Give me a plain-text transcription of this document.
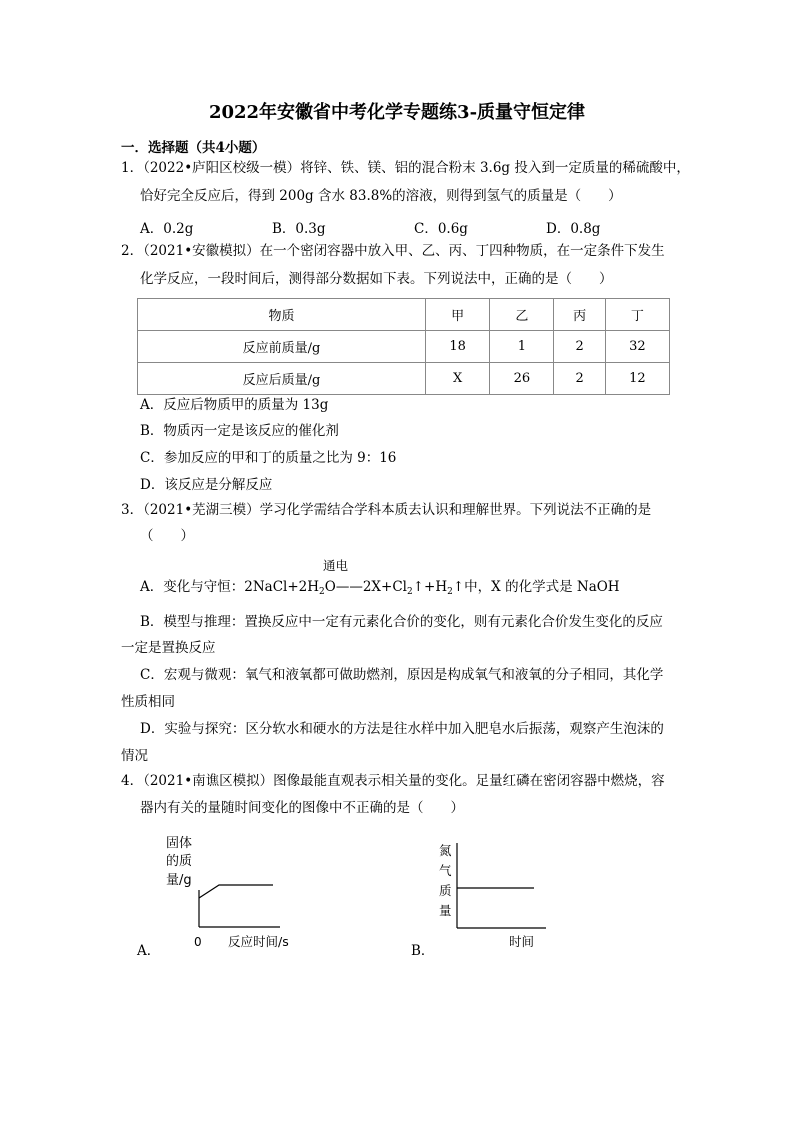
2022年安徽省中考化学专题练3-质量守恒定律
一．选择题（共4小题）
1．（2022•庐阳区校级一模）将锌、铁、镁、铝的混合粉末 3.6g 投入到一定质量的稀硫酸中，
恰好完全反应后，得到 200g 含水 83.8%的溶液，则得到氢气的质量是（　　）
A．0.2g	B．0.3g	C．0.6g	D．0.8g
2．（2021•安徽模拟）在一个密闭容器中放入甲、乙、丙、丁四种物质，在一定条件下发生
化学反应，一段时间后，测得部分数据如下表。下列说法中，正确的是（　　）
物质	甲	乙	丙	丁
反应前质量/g	18	1	2	32
反应后质量/g	X	26	2	12
A．反应后物质甲的质量为 13g
B．物质丙一定是该反应的催化剂
C．参加反应的甲和丁的质量之比为 9：16
D．该反应是分解反应
3．（2021•芜湖三模）学习化学需结合学科本质去认识和理解世界。下列说法不正确的是
（　　）
通电
A．变化与守恒：$2NaCl+2H_2O——2X+Cl_2↑+H_2↑$中，X 的化学式是 NaOH
B．模型与推理：置换反应中一定有元素化合价的变化，则有元素化合价发生变化的反应
一定是置换反应
C．宏观与微观：氧气和液氧都可做助燃剂，原因是构成氧气和液氧的分子相同，其化学
性质相同
D．实验与探究：区分软水和硬水的方法是往水样中加入肥皂水后振荡，观察产生泡沫的
情况
4．（2021•南谯区模拟）图像最能直观表示相关量的变化。足量红磷在密闭容器中燃烧，容
器内有关的量随时间变化的图像中不正确的是（　　）
A．
固体
的质
量/g
0 反应时间/s
B．
氮
气
质
量
时间
